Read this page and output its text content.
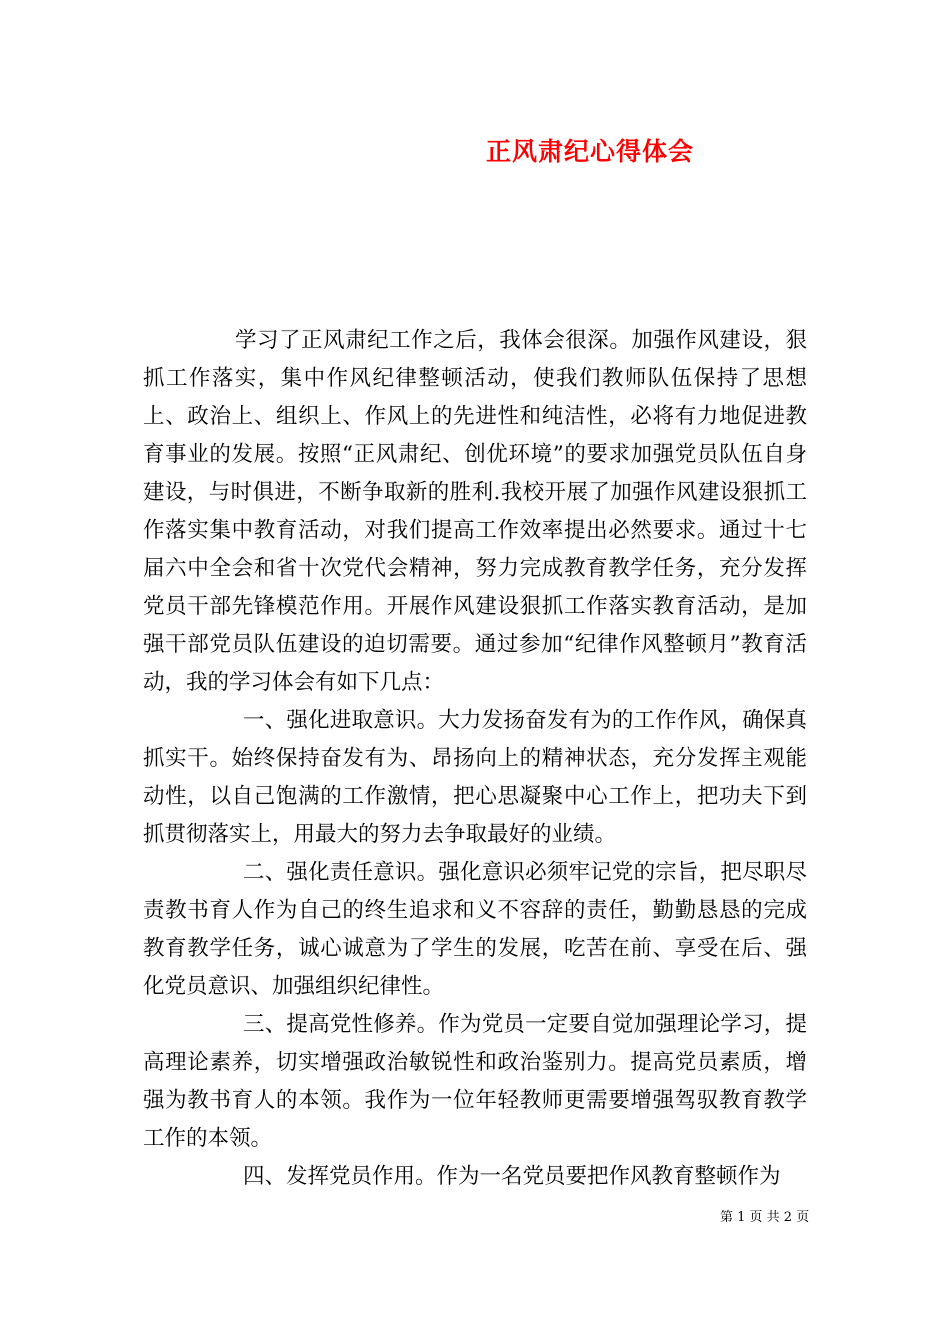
正风肃纪心得体会

学习了正风肃纪工作之后，我体会很深。加强作风建设，狠抓工作落实，集中作风纪律整顿活动，使我们教师队伍保持了思想上、政治上、组织上、作风上的先进性和纯洁性，必将有力地促进教育事业的发展。按照“正风肃纪、创优环境”的要求加强党员队伍自身建设，与时俱进，不断争取新的胜利.我校开展了加强作风建设狠抓工作落实集中教育活动，对我们提高工作效率提出必然要求。通过十七届六中全会和省十次党代会精神，努力完成教育教学任务，充分发挥党员干部先锋模范作用。开展作风建设狠抓工作落实教育活动，是加强干部党员队伍建设的迫切需要。通过参加“纪律作风整顿月”教育活动，我的学习体会有如下几点：

一、强化进取意识。大力发扬奋发有为的工作作风，确保真抓实干。始终保持奋发有为、昂扬向上的精神状态，充分发挥主观能动性，以自己饱满的工作激情，把心思凝聚中心工作上，把功夫下到抓贯彻落实上，用最大的努力去争取最好的业绩。

二、强化责任意识。强化意识必须牢记党的宗旨，把尽职尽责教书育人作为自己的终生追求和义不容辞的责任，勤勤恳恳的完成教育教学任务，诚心诚意为了学生的发展，吃苦在前、享受在后、强化党员意识、加强组织纪律性。

三、提高党性修养。作为党员一定要自觉加强理论学习，提高理论素养，切实增强政治敏锐性和政治鉴别力。提高党员素质，增强为教书育人的本领。我作为一位年轻教师更需要增强驾驭教育教学工作的本领。

四、发挥党员作用。作为一名党员要把作风教育整顿作为

第 1 页 共 2 页
